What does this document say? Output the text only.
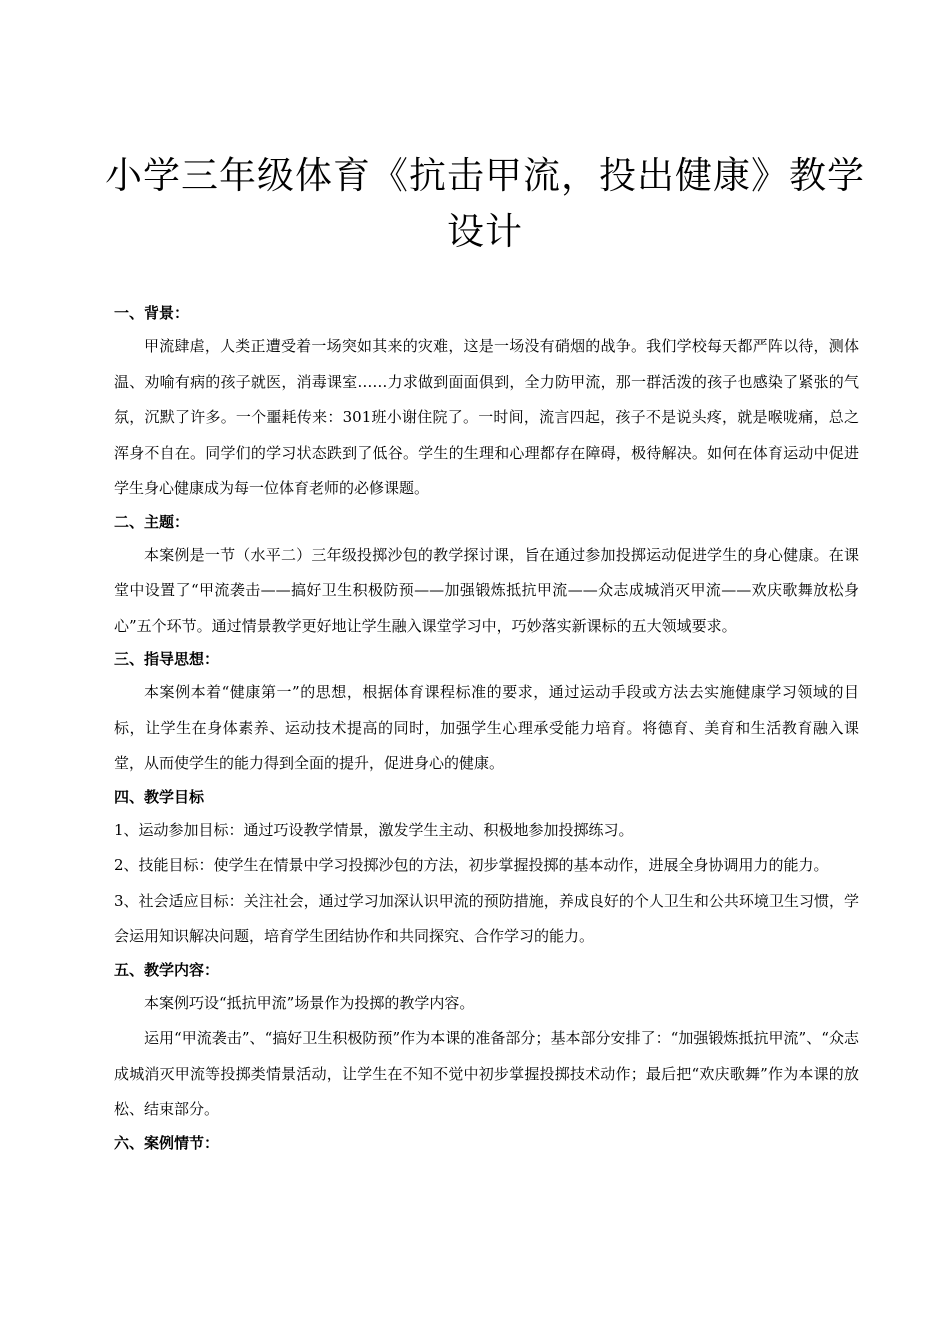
小学三年级体育《抗击甲流，投出健康》教学设计

一、背景：

甲流肆虐，人类正遭受着一场突如其来的灾难，这是一场没有硝烟的战争。我们学校每天都严阵以待，测体温、劝喻有病的孩子就医，消毒课室……力求做到面面俱到，全力防甲流，那一群活泼的孩子也感染了紧张的气氛，沉默了许多。一个噩耗传来：301班小谢住院了。一时间，流言四起，孩子不是说头疼，就是喉咙痛，总之浑身不自在。同学们的学习状态跌到了低谷。学生的生理和心理都存在障碍，极待解决。如何在体育运动中促进学生身心健康成为每一位体育老师的必修课题。

二、主题：

本案例是一节（水平二）三年级投掷沙包的教学探讨课，旨在通过参加投掷运动促进学生的身心健康。在课堂中设置了“甲流袭击——搞好卫生积极防预——加强锻炼抵抗甲流——众志成城消灭甲流——欢庆歌舞放松身心”五个环节。通过情景教学更好地让学生融入课堂学习中，巧妙落实新课标的五大领域要求。

三、指导思想：

本案例本着“健康第一”的思想，根据体育课程标准的要求，通过运动手段或方法去实施健康学习领域的目标，让学生在身体素养、运动技术提高的同时，加强学生心理承受能力培育。将德育、美育和生活教育融入课堂，从而使学生的能力得到全面的提升，促进身心的健康。

四、教学目标

1、运动参加目标：通过巧设教学情景，激发学生主动、积极地参加投掷练习。

2、技能目标：使学生在情景中学习投掷沙包的方法，初步掌握投掷的基本动作，进展全身协调用力的能力。

3、社会适应目标：关注社会，通过学习加深认识甲流的预防措施，养成良好的个人卫生和公共环境卫生习惯，学会运用知识解决问题，培育学生团结协作和共同探究、合作学习的能力。

五、教学内容：

本案例巧设“抵抗甲流”场景作为投掷的教学内容。

运用“甲流袭击”、“搞好卫生积极防预”作为本课的准备部分；基本部分安排了：“加强锻炼抵抗甲流”、“众志成城消灭甲流等投掷类情景活动，让学生在不知不觉中初步掌握投掷技术动作；最后把“欢庆歌舞”作为本课的放松、结束部分。

六、案例情节：
